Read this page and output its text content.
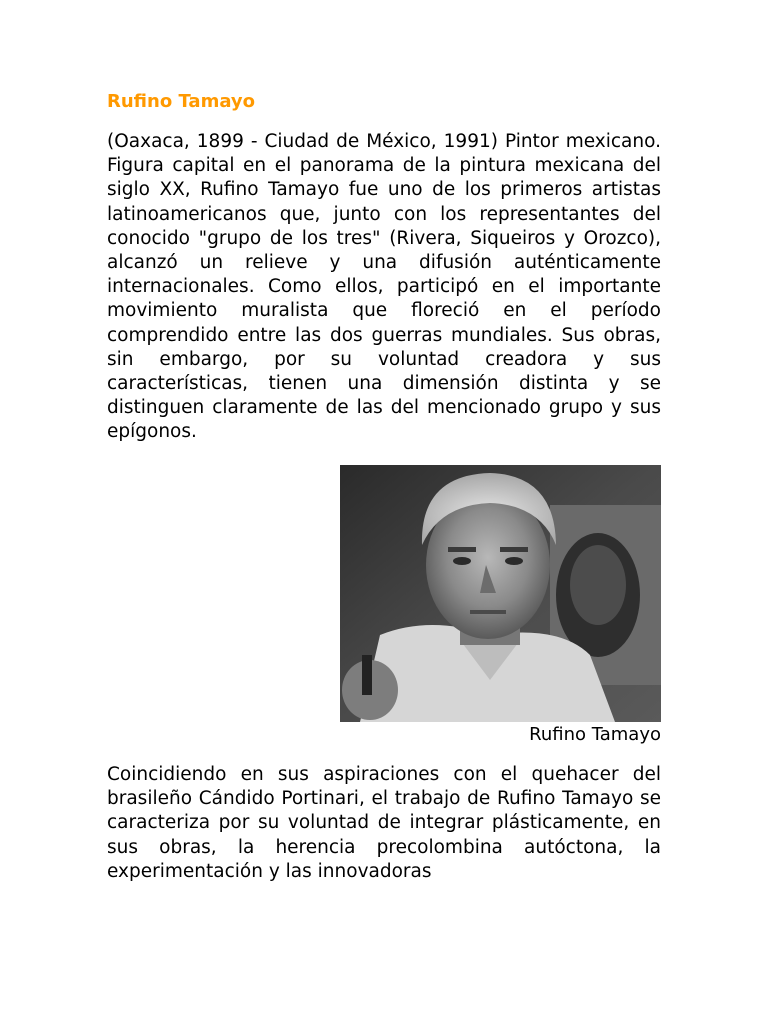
Rufino Tamayo

(Oaxaca, 1899 - Ciudad de México, 1991) Pintor mexicano. Figura capital en el panorama de la pintura mexicana del siglo XX, Rufino Tamayo fue uno de los primeros artistas latinoamericanos que, junto con los representantes del conocido "grupo de los tres" (Rivera, Siqueiros y Orozco), alcanzó un relieve y una difusión auténticamente internacionales. Como ellos, participó en el importante movimiento muralista que floreció en el período comprendido entre las dos guerras mundiales. Sus obras, sin embargo, por su voluntad creadora y sus características, tienen una dimensión distinta y se distinguen claramente de las del mencionado grupo y sus epígonos.

Rufino Tamayo

Coincidiendo en sus aspiraciones con el quehacer del brasileño Cándido Portinari, el trabajo de Rufino Tamayo se caracteriza por su voluntad de integrar plásticamente, en sus obras, la herencia precolombina autóctona, la experimentación y las innovadoras
